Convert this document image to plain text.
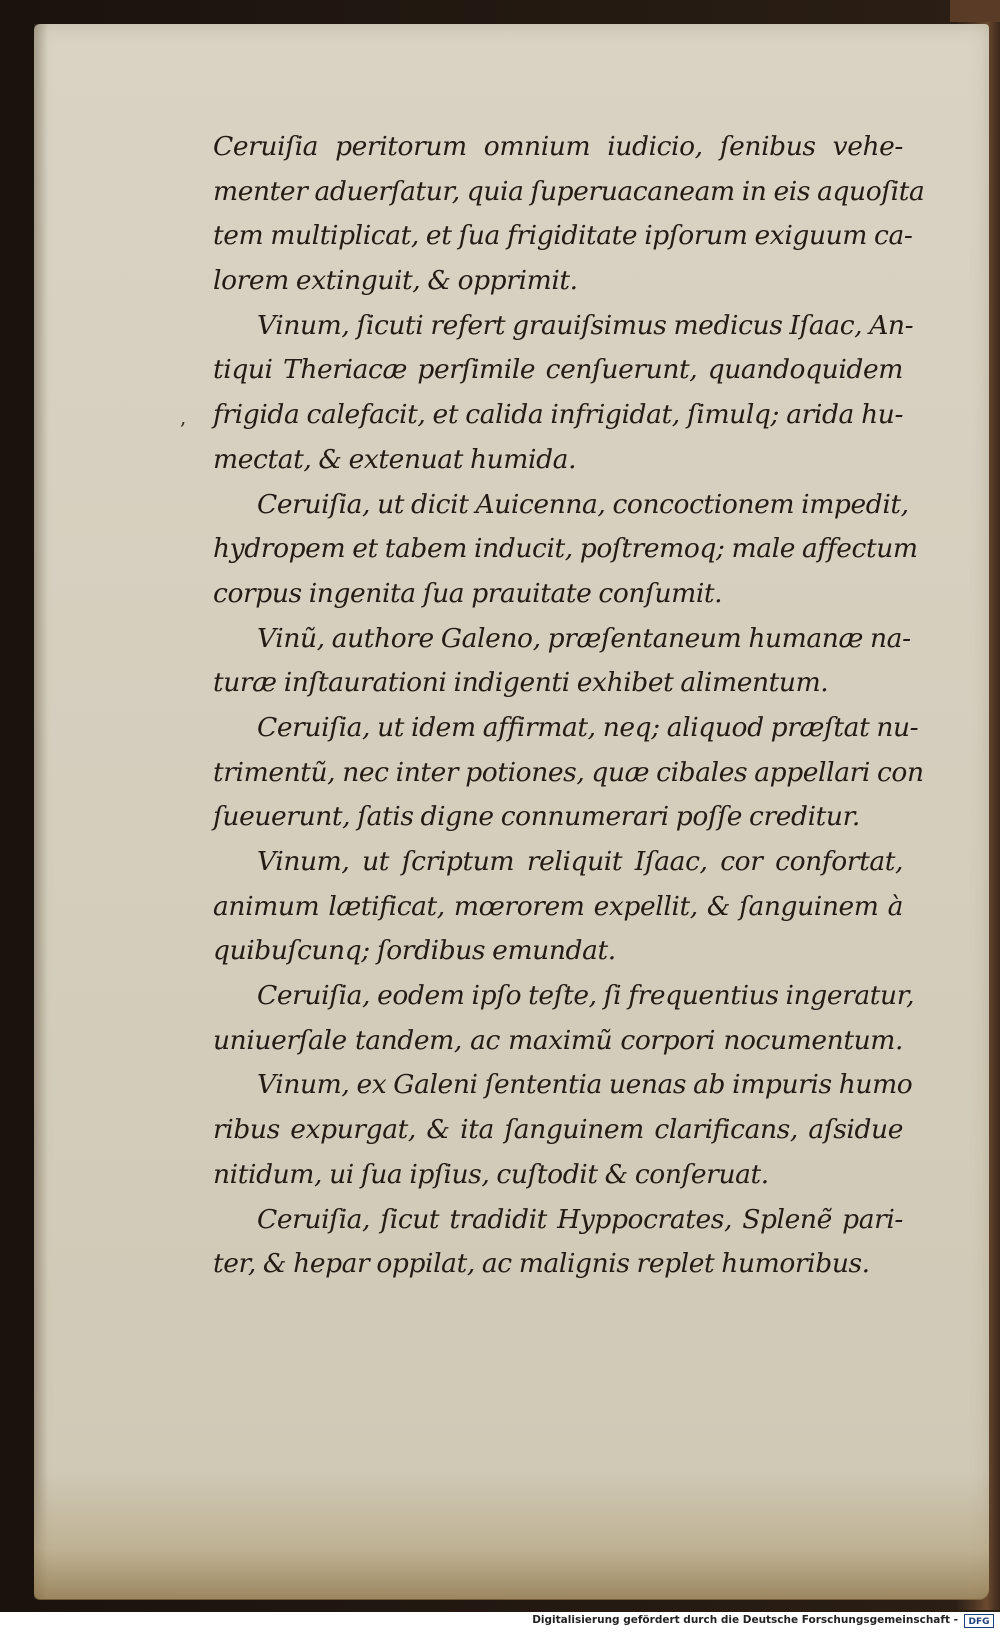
,
Ceruiſia peritorum omnium iudicio, ſenibus vehe-
menter aduerſatur, quia ſuperuacaneam in eis aquoſita
tem multiplicat, et ſua frigiditate ipſorum exiguum ca-
lorem extinguit, & opprimit.
Vinum, ſicuti refert grauiſsimus medicus Iſaac, An-
tiqui Theriacæ perſimile cenſuerunt, quandoquidem
frigida calefacit, et calida infrigidat, ſimulq; arida hu-
mectat, & extenuat humida.
Ceruiſia, ut dicit Auicenna, concoctionem impedit,
hydropem et tabem inducit, poſtremoq; male affectum
corpus ingenita ſua prauitate conſumit.
Vinũ, authore Galeno, præſentaneum humanæ na-
turæ inſtaurationi indigenti exhibet alimentum.
Ceruiſia, ut idem affirmat, neq; aliquod præſtat nu-
trimentũ, nec inter potiones, quæ cibales appellari con
ſueuerunt, ſatis digne connumerari poſſe creditur.
Vinum, ut ſcriptum reliquit Iſaac, cor confortat,
animum lætificat, mœrorem expellit, & ſanguinem à
quibuſcunq; ſordibus emundat.
Ceruiſia, eodem ipſo teſte, ſi frequentius ingeratur,
uniuerſale tandem, ac maximũ corpori nocumentum.
Vinum, ex Galeni ſententia uenas ab impuris humo
ribus expurgat, & ita ſanguinem clarificans, aſsidue
nitidum, ui ſua ipſius, cuſtodit & conſeruat.
Ceruiſia, ſicut tradidit Hyppocrates, Splenẽ pari-
ter, & hepar oppilat, ac malignis replet humoribus.
Digitalisierung gefördert durch die Deutsche Forschungsgemeinschaft -	DFG
